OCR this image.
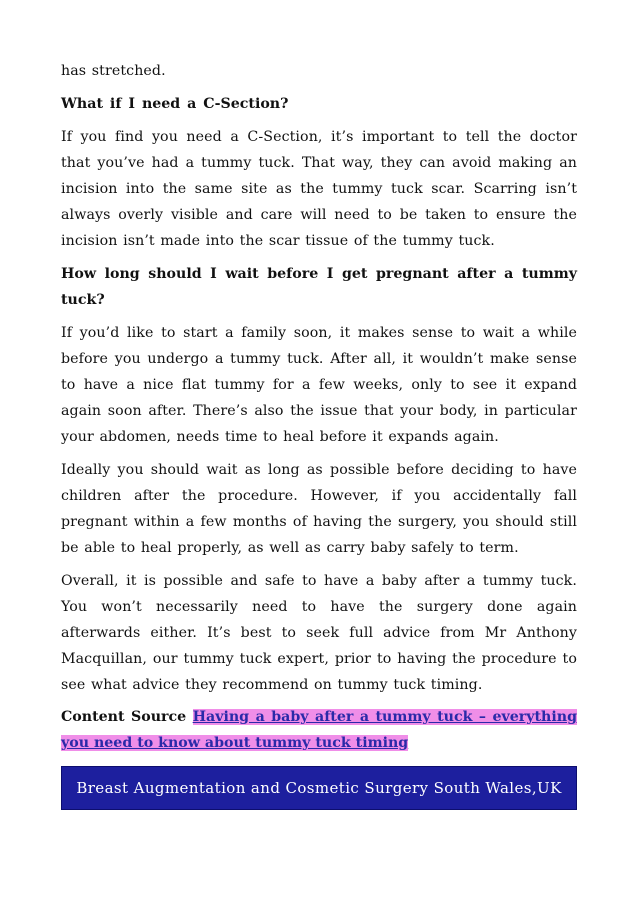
has stretched.

What if I need a C-Section?

If you find you need a C-Section, it’s important to tell the doctor that you’ve had a tummy tuck. That way, they can avoid making an incision into the same site as the tummy tuck scar. Scarring isn’t always overly visible and care will need to be taken to ensure the incision isn’t made into the scar tissue of the tummy tuck.

How long should I wait before I get pregnant after a tummy tuck?

If you’d like to start a family soon, it makes sense to wait a while before you undergo a tummy tuck. After all, it wouldn’t make sense to have a nice flat tummy for a few weeks, only to see it expand again soon after. There’s also the issue that your body, in particular your abdomen, needs time to heal before it expands again.

Ideally you should wait as long as possible before deciding to have children after the procedure. However, if you accidentally fall pregnant within a few months of having the surgery, you should still be able to heal properly, as well as carry baby safely to term.

Overall, it is possible and safe to have a baby after a tummy tuck. You won’t necessarily need to have the surgery done again afterwards either. It’s best to seek full advice from Mr Anthony Macquillan, our tummy tuck expert, prior to having the procedure to see what advice they recommend on tummy tuck timing.

Content Source Having a baby after a tummy tuck – everything you need to know about tummy tuck timing

Breast Augmentation and Cosmetic Surgery South Wales,UK
